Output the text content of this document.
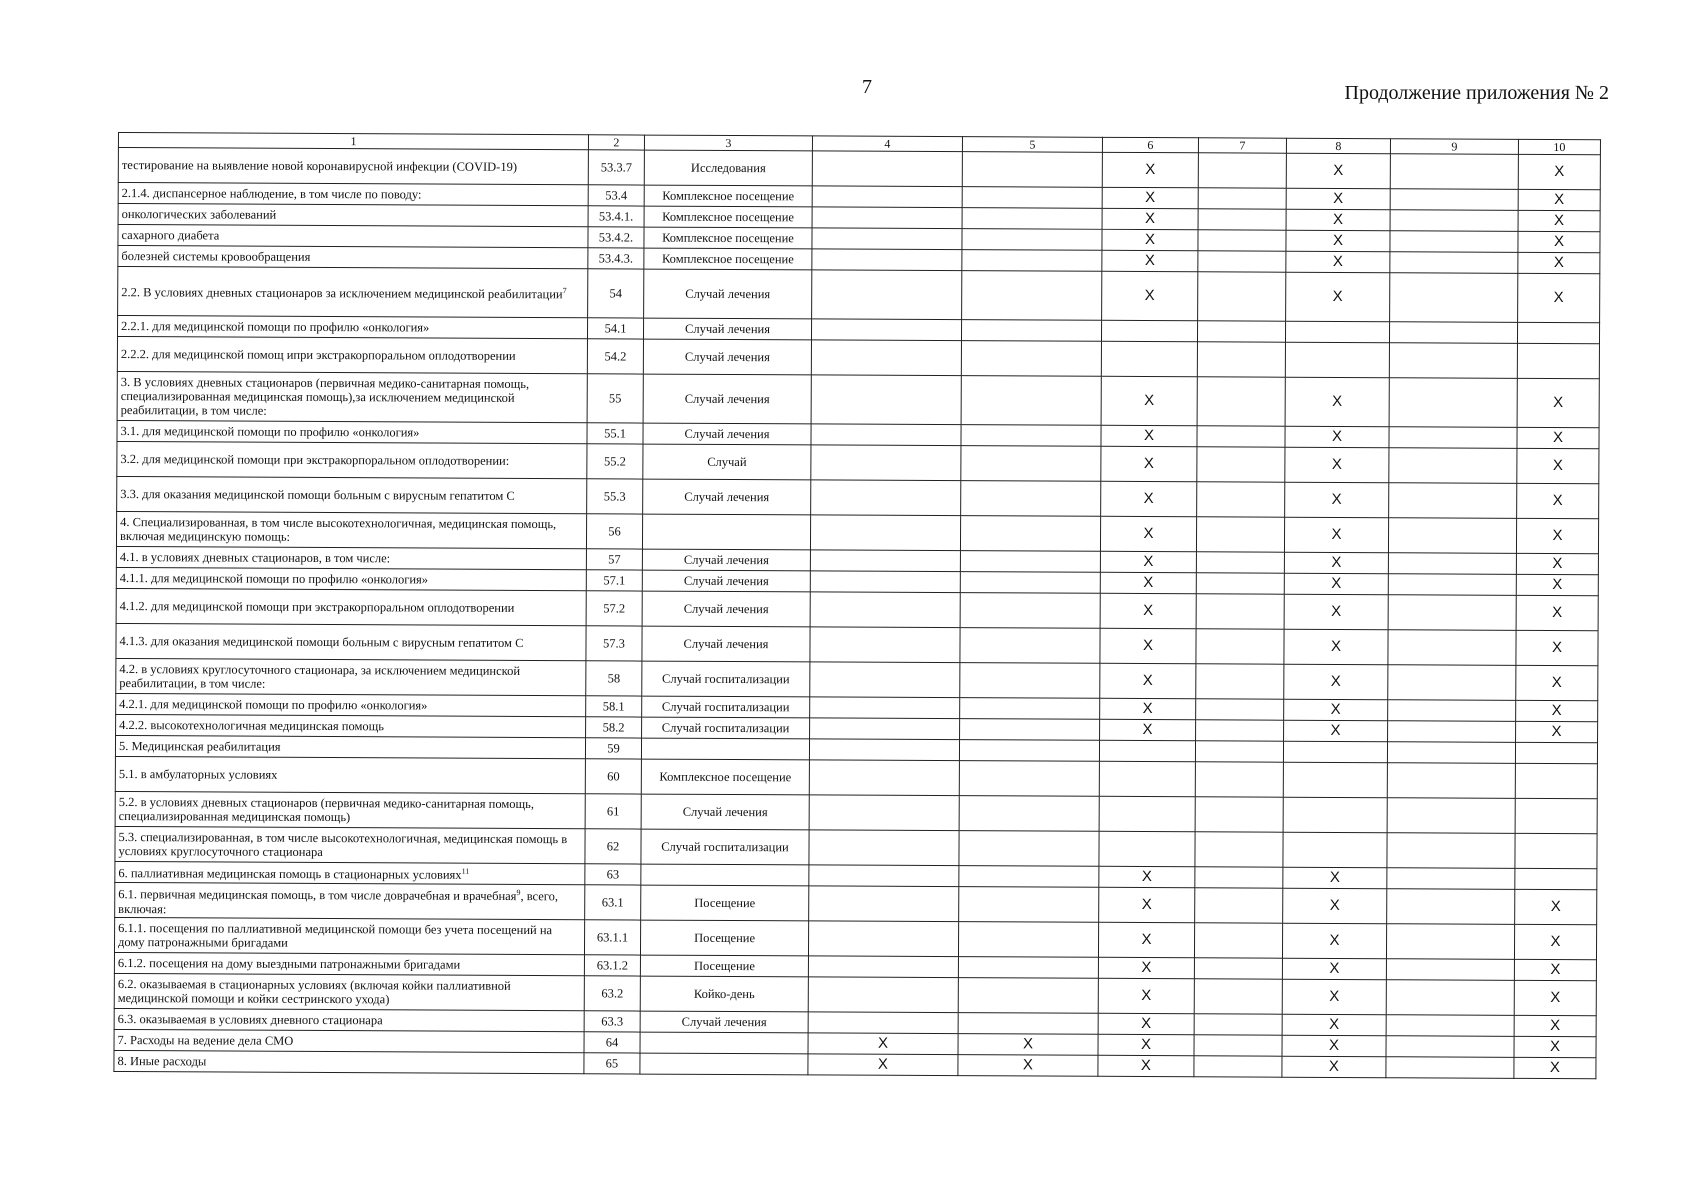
7	Продолжение приложения № 2
1	2	3	4	5	6	7	8	9	10
тестирование на выявление новой коронавирусной инфекции (COVID-19)	53.3.7	Исследования			X		X		X
2.1.4. диспансерное наблюдение, в том числе по поводу:	53.4	Комплексное посещение			X		X		X
онкологических заболеваний	53.4.1.	Комплексное посещение			X		X		X
сахарного диабета	53.4.2.	Комплексное посещение			X		X		X
болезней системы кровообращения	53.4.3.	Комплексное посещение			X		X		X
2.2. В условиях дневных стационаров за исключением медицинской реабилитации$^7$	54	Случай лечения			X		X		X
2.2.1. для медицинской помощи по профилю «онкология»	54.1	Случай лечения							
2.2.2. для медицинской помощ ипри экстракорпоральном оплодотворении	54.2	Случай лечения							
3. В условиях дневных стационаров (первичная медико-санитарная помощь, специализированная медицинская помощь),за исключением медицинской реабилитации, в том числе:	55	Случай лечения			X		X		X
3.1. для медицинской помощи по профилю «онкология»	55.1	Случай лечения			X		X		X
3.2. для медицинской помощи при экстракорпоральном оплодотворении:	55.2	Случай			X		X		X
3.3. для оказания медицинской помощи больным с вирусным гепатитом С	55.3	Случай лечения			X		X		X
4. Специализированная, в том числе высокотехнологичная, медицинская помощь, включая медицинскую помощь:	56				X		X		X
4.1. в условиях дневных стационаров, в том числе:	57	Случай лечения			X		X		X
4.1.1. для медицинской помощи по профилю «онкология»	57.1	Случай лечения			X		X		X
4.1.2. для медицинской помощи при экстракорпоральном оплодотворении	57.2	Случай лечения			X		X		X
4.1.3. для оказания медицинской помощи больным с вирусным гепатитом С	57.3	Случай лечения			X		X		X
4.2. в условиях круглосуточного стационара, за исключением медицинской реабилитации, в том числе:	58	Случай госпитализации			X		X		X
4.2.1. для медицинской помощи по профилю «онкология»	58.1	Случай госпитализации			X		X		X
4.2.2. высокотехнологичная медицинская помощь	58.2	Случай госпитализации			X		X		X
5. Медицинская реабилитация	59								
5.1. в амбулаторных условиях	60	Комплексное посещение							
5.2. в условиях дневных стационаров (первичная медико-санитарная помощь, специализированная медицинская помощь)	61	Случай лечения							
5.3. специализированная, в том числе высокотехнологичная, медицинская помощь в условиях круглосуточного стационара	62	Случай госпитализации							
6. паллиативная медицинская помощь в стационарных условиях$^{11}$	63				X		X		
6.1. первичная медицинская помощь, в том числе доврачебная и врачебная$^9$, всего, включая:	63.1	Посещение			X		X		X
6.1.1. посещения по паллиативной медицинской помощи без учета посещений на дому патронажными бригадами	63.1.1	Посещение			X		X		X
6.1.2. посещения на дому выездными патронажными бригадами	63.1.2	Посещение			X		X		X
6.2. оказываемая в стационарных условиях (включая койки паллиативной медицинской помощи и койки сестринского ухода)	63.2	Койко-день			X		X		X
6.3. оказываемая в условиях дневного стационара	63.3	Случай лечения			X		X		X
7. Расходы на ведение дела СМО	64		X	X	X		X		X
8. Иные расходы	65		X	X	X		X		X
